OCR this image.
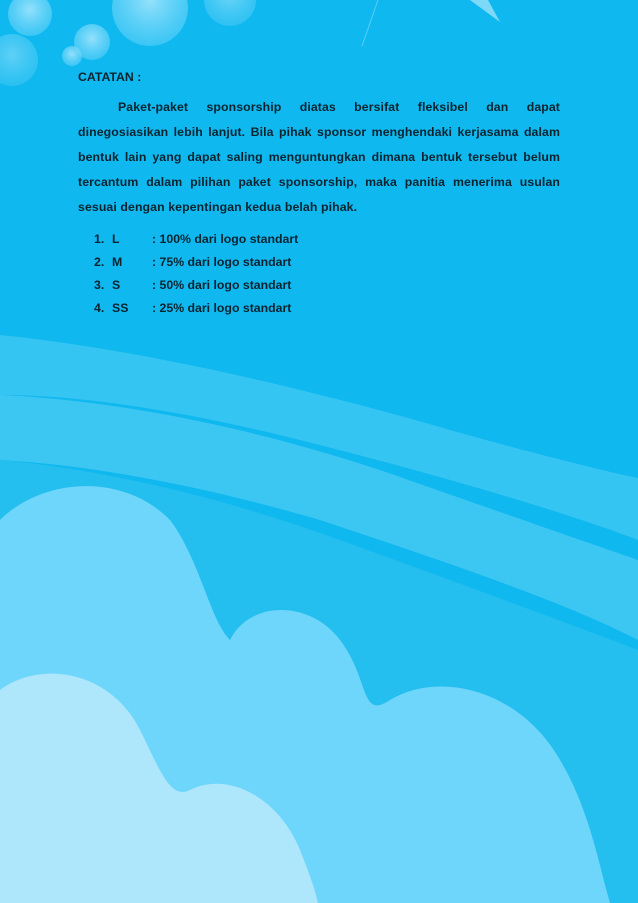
CATATAN :

Paket-paket sponsorship diatas bersifat fleksibel dan dapat dinegosiasikan lebih lanjut. Bila pihak sponsor menghendaki kerjasama dalam bentuk lain yang dapat saling menguntungkan dimana bentuk tersebut belum tercantum dalam pilihan paket sponsorship, maka panitia menerima usulan sesuai dengan kepentingan kedua belah pihak.

1. L	: 100% dari logo standart
2. M	: 75% dari logo standart
3. S	: 50% dari logo standart
4. SS	: 25% dari logo standart
